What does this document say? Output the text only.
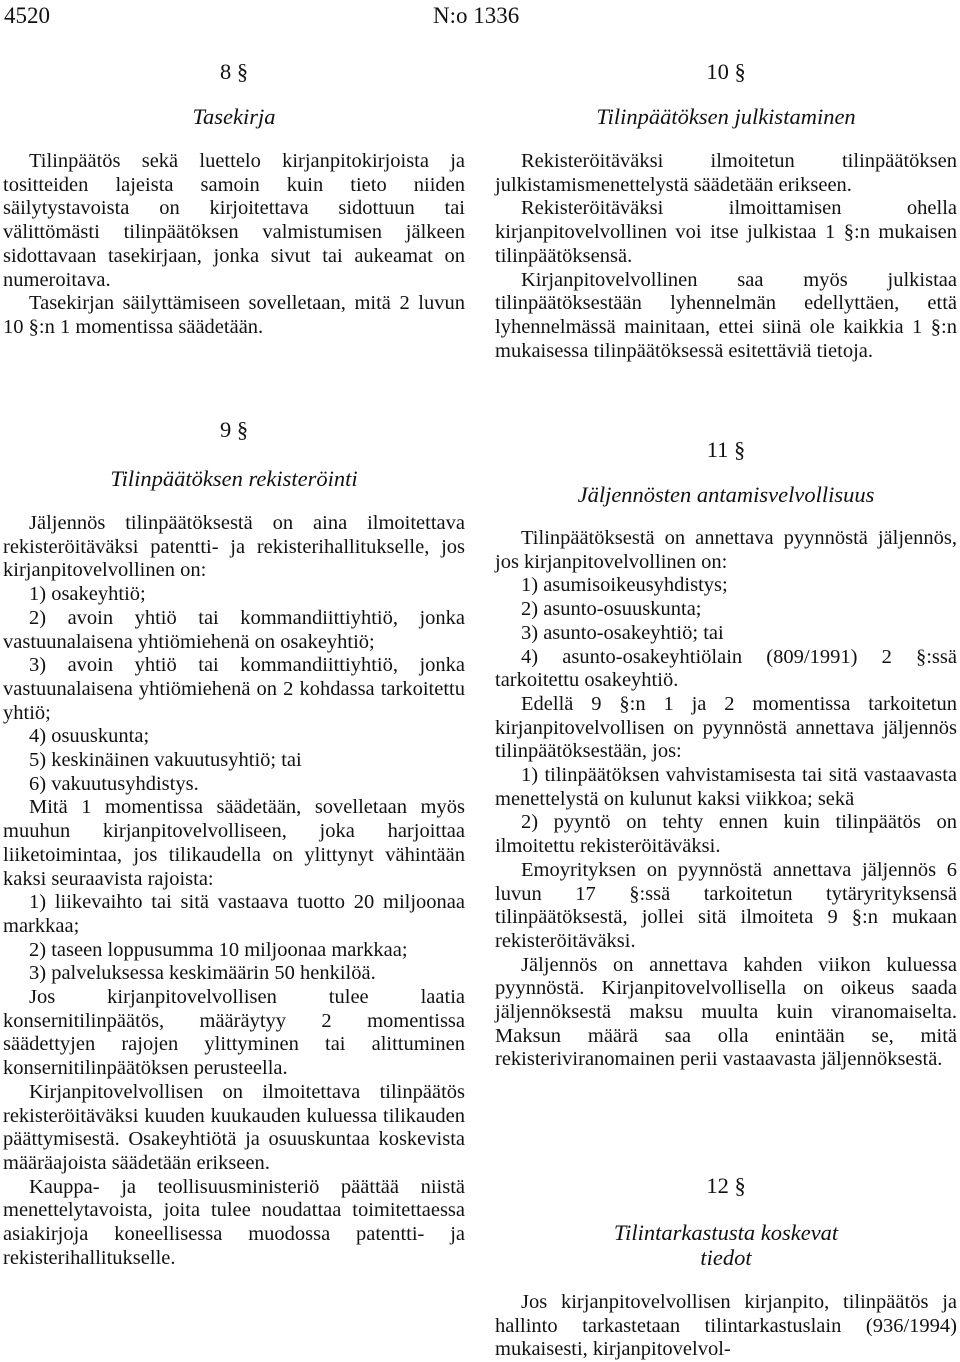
4520	N:o 1336
8 §
Tasekirja

Tilinpäätös sekä luettelo kirjanpitokirjoista ja tositteiden lajeista samoin kuin tieto niiden säilytystavoista on kirjoitettava sidottuun tai välittömästi tilinpäätöksen valmistumisen jälkeen sidottavaan tasekirjaan, jonka sivut tai aukeamat on numeroitava.

Tasekirjan säilyttämiseen sovelletaan, mitä 2 luvun 10 §:n 1 momentissa säädetään.

9 §
Tilinpäätöksen rekisteröinti

Jäljennös tilinpäätöksestä on aina ilmoitettava rekisteröitäväksi patentti- ja rekisterihallitukselle, jos kirjanpitovelvollinen on:

1) osakeyhtiö;

2) avoin yhtiö tai kommandiittiyhtiö, jonka vastuunalaisena yhtiömiehenä on osakeyhtiö;

3) avoin yhtiö tai kommandiittiyhtiö, jonka vastuunalaisena yhtiömiehenä on 2 kohdassa tarkoitettu yhtiö;

4) osuuskunta;

5) keskinäinen vakuutusyhtiö; tai

6) vakuutusyhdistys.

Mitä 1 momentissa säädetään, sovelletaan myös muuhun kirjanpitovelvolliseen, joka harjoittaa liiketoimintaa, jos tilikaudella on ylittynyt vähintään kaksi seuraavista rajoista:

1) liikevaihto tai sitä vastaava tuotto 20 miljoonaa markkaa;

2) taseen loppusumma 10 miljoonaa markkaa;

3) palveluksessa keskimäärin 50 henkilöä.

Jos kirjanpitovelvollisen tulee laatia konsernitilinpäätös, määräytyy 2 momentissa säädettyjen rajojen ylittyminen tai alittuminen konsernitilinpäätöksen perusteella.

Kirjanpitovelvollisen on ilmoitettava tilinpäätös rekisteröitäväksi kuuden kuukauden kuluessa tilikauden päättymisestä. Osakeyhtiötä ja osuuskuntaa koskevista määräajoista säädetään erikseen.

Kauppa- ja teollisuusministeriö päättää niistä menettelytavoista, joita tulee noudattaa toimitettaessa asiakirjoja koneellisessa muodossa patentti- ja rekisterihallitukselle.

10 §
Tilinpäätöksen julkistaminen

Rekisteröitäväksi ilmoitetun tilinpäätöksen julkistamismenettelystä säädetään erikseen.

Rekisteröitäväksi ilmoittamisen ohella kirjanpitovelvollinen voi itse julkistaa 1 §:n mukaisen tilinpäätöksensä.

Kirjanpitovelvollinen saa myös julkistaa tilinpäätöksestään lyhennelmän edellyttäen, että lyhennelmässä mainitaan, ettei siinä ole kaikkia 1 §:n mukaisessa tilinpäätöksessä esitettäviä tietoja.

11 §
Jäljennösten antamisvelvollisuus

Tilinpäätöksestä on annettava pyynnöstä jäljennös, jos kirjanpitovelvollinen on:

1) asumisoikeusyhdistys;

2) asunto-osuuskunta;

3) asunto-osakeyhtiö; tai

4) asunto-osakeyhtiölain (809/1991) 2 §:ssä tarkoitettu osakeyhtiö.

Edellä 9 §:n 1 ja 2 momentissa tarkoitetun kirjanpitovelvollisen on pyynnöstä annettava jäljennös tilinpäätöksestään, jos:

1) tilinpäätöksen vahvistamisesta tai sitä vastaavasta menettelystä on kulunut kaksi viikkoa; sekä

2) pyyntö on tehty ennen kuin tilinpäätös on ilmoitettu rekisteröitäväksi.

Emoyrityksen on pyynnöstä annettava jäljennös 6 luvun 17 §:ssä tarkoitetun tytäryrityksensä tilinpäätöksestä, jollei sitä ilmoiteta 9 §:n mukaan rekisteröitäväksi.

Jäljennös on annettava kahden viikon kuluessa pyynnöstä. Kirjanpitovelvollisella on oikeus saada jäljennöksestä maksu muulta kuin viranomaiselta. Maksun määrä saa olla enintään se, mitä rekisteriviranomainen perii vastaavasta jäljennöksestä.

12 §
Tilintarkastusta koskevat tiedot

Jos kirjanpitovelvollisen kirjanpito, tilinpäätös ja hallinto tarkastetaan tilintarkastuslain (936/1994) mukaisesti, kirjanpitovelvol-
